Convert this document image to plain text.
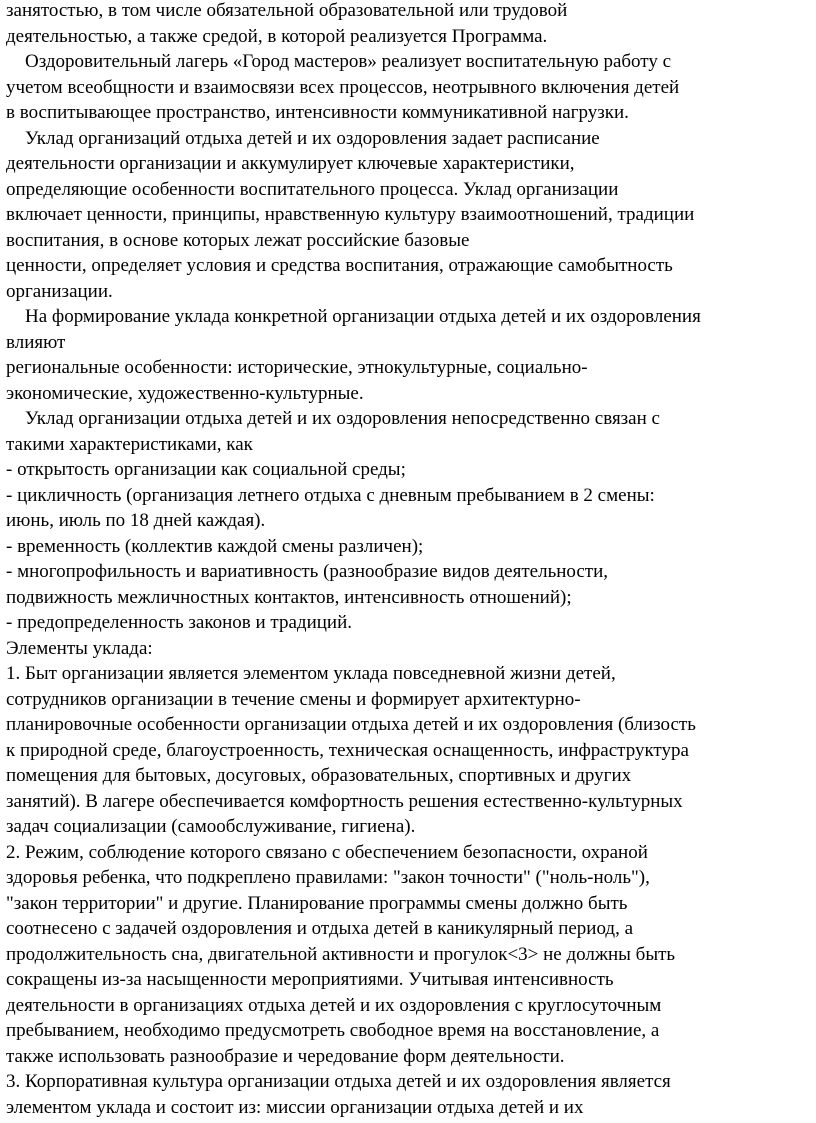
занятостью, в том числе обязательной образовательной или трудовой
деятельностью, а также средой, в которой реализуется Программа.
Оздоровительный лагерь «Город мастеров» реализует воспитательную работу с
учетом всеобщности и взаимосвязи всех процессов, неотрывного включения детей
в воспитывающее пространство, интенсивности коммуникативной нагрузки.
Уклад организаций отдыха детей и их оздоровления задает расписание
деятельности организации и аккумулирует ключевые характеристики,
определяющие особенности воспитательного процесса. Уклад организации
включает ценности, принципы, нравственную культуру взаимоотношений, традиции
воспитания, в основе которых лежат российские базовые
ценности, определяет условия и средства воспитания, отражающие самобытность
организации.
На формирование уклада конкретной организации отдыха детей и их оздоровления
влияют
региональные особенности: исторические, этнокультурные, социально-
экономические, художественно-культурные.
Уклад организации отдыха детей и их оздоровления непосредственно связан с
такими характеристиками, как
- открытость организации как социальной среды;
- цикличность (организация летнего отдыха с дневным пребыванием в 2 смены:
июнь, июль по 18 дней каждая).
- временность (коллектив каждой смены различен);
- многопрофильность и вариативность (разнообразие видов деятельности,
подвижность межличностных контактов, интенсивность отношений);
- предопределенность законов и традиций.
Элементы уклада:
1. Быт организации является элементом уклада повседневной жизни детей,
сотрудников организации в течение смены и формирует архитектурно-
планировочные особенности организации отдыха детей и их оздоровления (близость
к природной среде, благоустроенность, техническая оснащенность, инфраструктура
помещения для бытовых, досуговых, образовательных, спортивных и других
занятий). В лагере обеспечивается комфортность решения естественно-культурных
задач социализации (самообслуживание, гигиена).
2. Режим, соблюдение которого связано с обеспечением безопасности, охраной
здоровья ребенка, что подкреплено правилами: "закон точности" ("ноль-ноль"),
"закон территории" и другие. Планирование программы смены должно быть
соотнесено с задачей оздоровления и отдыха детей в каникулярный период, а
продолжительность сна, двигательной активности и прогулок<3> не должны быть
сокращены из-за насыщенности мероприятиями. Учитывая интенсивность
деятельности в организациях отдыха детей и их оздоровления с круглосуточным
пребыванием, необходимо предусмотреть свободное время на восстановление, а
также использовать разнообразие и чередование форм деятельности.
3. Корпоративная культура организации отдыха детей и их оздоровления является
элементом уклада и состоит из: миссии организации отдыха детей и их
